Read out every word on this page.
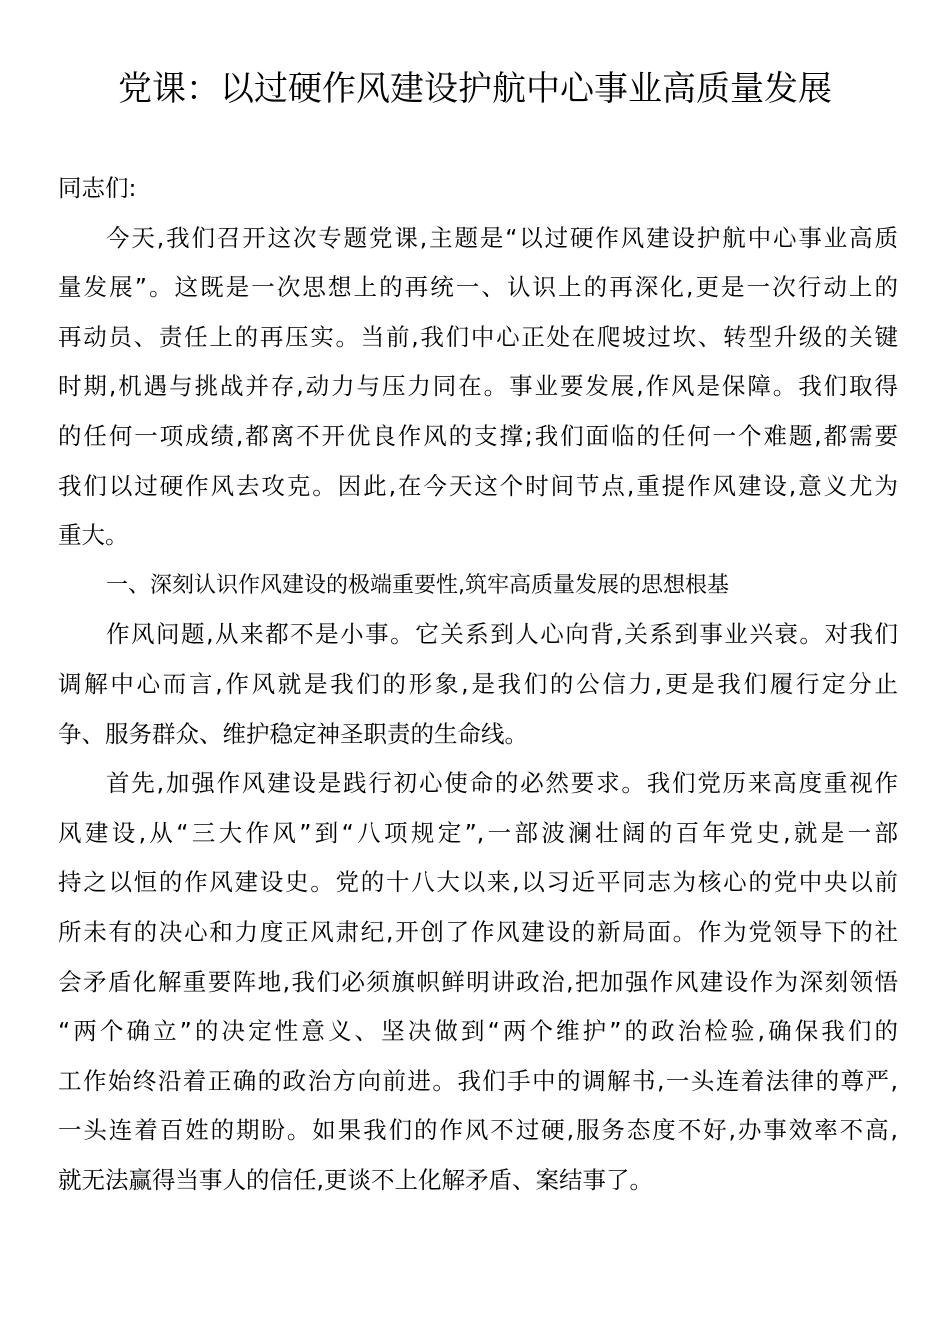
党课：以过硬作风建设护航中心事业高质量发展
同志们:
今天,我们召开这次专题党课,主题是“以过硬作风建设护航中心事业高质
量发展”。这既是一次思想上的再统一、认识上的再深化,更是一次行动上的
再动员、责任上的再压实。当前,我们中心正处在爬坡过坎、转型升级的关键
时期,机遇与挑战并存,动力与压力同在。事业要发展,作风是保障。我们取得
的任何一项成绩,都离不开优良作风的支撑;我们面临的任何一个难题,都需要
我们以过硬作风去攻克。因此,在今天这个时间节点,重提作风建设,意义尤为
重大。
一、深刻认识作风建设的极端重要性,筑牢高质量发展的思想根基
作风问题,从来都不是小事。它关系到人心向背,关系到事业兴衰。对我们
调解中心而言,作风就是我们的形象,是我们的公信力,更是我们履行定分止
争、服务群众、维护稳定神圣职责的生命线。
首先,加强作风建设是践行初心使命的必然要求。我们党历来高度重视作
风建设,从“三大作风”到“八项规定”,一部波澜壮阔的百年党史,就是一部
持之以恒的作风建设史。党的十八大以来,以习近平同志为核心的党中央以前
所未有的决心和力度正风肃纪,开创了作风建设的新局面。作为党领导下的社
会矛盾化解重要阵地,我们必须旗帜鲜明讲政治,把加强作风建设作为深刻领悟
“两个确立”的决定性意义、坚决做到“两个维护”的政治检验,确保我们的
工作始终沿着正确的政治方向前进。我们手中的调解书,一头连着法律的尊严,
一头连着百姓的期盼。如果我们的作风不过硬,服务态度不好,办事效率不高,
就无法赢得当事人的信任,更谈不上化解矛盾、案结事了。
